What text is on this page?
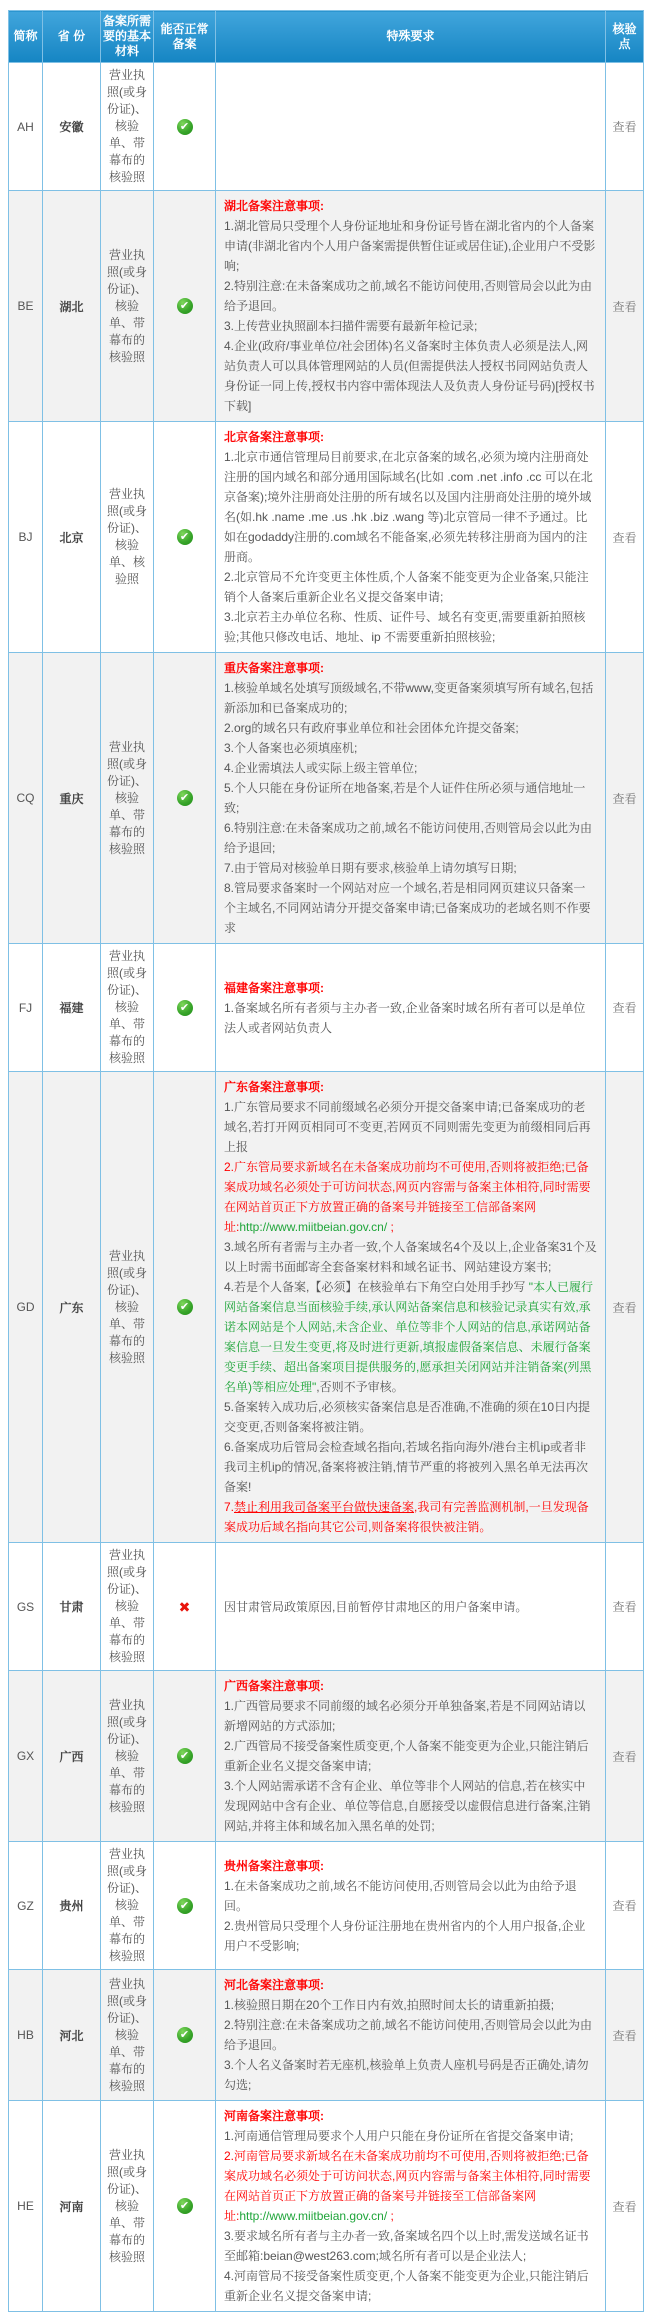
简称	省 份	备案所需要的基本材料	能否正常备案	特殊要求	核验点
AH	安徽	营业执照(或身份证)、核验单、带幕布的核验照	✔		查看
BE	湖北	营业执照(或身份证)、核验单、带幕布的核验照	✔	湖北备案注意事项:
1.湖北管局只受理个人身份证地址和身份证号皆在湖北省内的个人备案申请(非湖北省内个人用户备案需提供暂住证或居住证),企业用户不受影响;
2.特别注意:在未备案成功之前,域名不能访问使用,否则管局会以此为由给予退回。
3.上传营业执照副本扫描件需要有最新年检记录;
4.企业(政府/事业单位/社会团体)名义备案时主体负责人必须是法人,网站负责人可以具体管理网站的人员(但需提供法人授权书同网站负责人身份证一同上传,授权书内容中需体现法人及负责人身份证号码)[授权书下载]	查看
BJ	北京	营业执照(或身份证)、核验单、核验照	✔	北京备案注意事项:
1.北京市通信管理局目前要求,在北京备案的域名,必须为境内注册商处注册的国内域名和部分通用国际域名(比如 .com .net .info .cc 可以在北京备案);境外注册商处注册的所有域名以及国内注册商处注册的境外域名(如.hk .name .me .us .hk .biz .wang 等)北京管局一律不予通过。比如在godaddy注册的.com域名不能备案,必须先转移注册商为国内的注册商。
2.北京管局不允许变更主体性质,个人备案不能变更为企业备案,只能注销个人备案后重新企业名义提交备案申请;
3.北京若主办单位名称、性质、证件号、域名有变更,需要重新拍照核验;其他只修改电话、地址、ip 不需要重新拍照核验;	查看
CQ	重庆	营业执照(或身份证)、核验单、带幕布的核验照	✔	
重庆备案注意事项:
1.核验单域名处填写顶级域名,不带www,变更备案须填写所有域名,包括新添加和已备案成功的;
2.org的域名只有政府事业单位和社会团体允许提交备案;
3.个人备案也必须填座机;
4.企业需填法人或实际上级主管单位;
5.个人只能在身份证所在地备案,若是个人证件住所必须与通信地址一致;
6.特别注意:在未备案成功之前,域名不能访问使用,否则管局会以此为由给予退回;
7.由于管局对核验单日期有要求,核验单上请勿填写日期;
8.管局要求备案时一个网站对应一个域名,若是相同网页建议只备案一个主域名,不同网站请分开提交备案申请;已备案成功的老域名则不作要求
	查看
FJ	福建	营业执照(或身份证)、核验单、带幕布的核验照	✔	福建备案注意事项:
1.备案域名所有者须与主办者一致,企业备案时域名所有者可以是单位法人或者网站负责人	查看
GD	广东	营业执照(或身份证)、核验单、带幕布的核验照	✔	
广东备案注意事项:
1.广东管局要求不同前缀域名必须分开提交备案申请;已备案成功的老域名,若打开网页相同可不变更,若网页不同则需先变更为前缀相同后再上报
2.广东管局要求新域名在未备案成功前均不可使用,否则将被拒绝;已备案成功域名必须处于可访问状态,网页内容需与备案主体相符,同时需要在网站首页正下方放置正确的备案号并链接至工信部备案网址:http://www.miitbeian.gov.cn/ ;
3.域名所有者需与主办者一致,个人备案域名4个及以上,企业备案31个及以上时需书面邮寄全套备案材料和域名证书、网站建设方案书;
4.若是个人备案,【必须】在核验单右下角空白处用手抄写 "本人已履行网站备案信息当面核验手续,承认网站备案信息和核验记录真实有效,承诺本网站是个人网站,未含企业、单位等非个人网站的信息,承诺网站备案信息一旦发生变更,将及时进行更新,填报虚假备案信息、未履行备案变更手续、超出备案项目提供服务的,愿承担关闭网站并注销备案(列黑名单)等相应处理",否则不予审核。
5.备案转入成功后,必须核实备案信息是否准确,不准确的须在10日内提交变更,否则备案将被注销。
6.备案成功后管局会检查域名指向,若域名指向海外/港台主机ip或者非我司主机ip的情况,备案将被注销,情节严重的将被列入黑名单无法再次备案!
7.禁止利用我司备案平台做快速备案,我司有完善监测机制,一旦发现备案成功后域名指向其它公司,则备案将很快被注销。
	查看
GS	甘肃	营业执照(或身份证)、核验单、带幕布的核验照	✖	因甘肃管局政策原因,目前暂停甘肃地区的用户备案申请。	查看
GX	广西	营业执照(或身份证)、核验单、带幕布的核验照	✔	广西备案注意事项:
1.广西管局要求不同前缀的域名必须分开单独备案,若是不同网站请以新增网站的方式添加;
2.广西管局不接受备案性质变更,个人备案不能变更为企业,只能注销后重新企业名义提交备案申请;
3.个人网站需承诺不含有企业、单位等非个人网站的信息,若在核实中发现网站中含有企业、单位等信息,自愿接受以虚假信息进行备案,注销网站,并将主体和域名加入黑名单的处罚;	查看
GZ	贵州	营业执照(或身份证)、核验单、带幕布的核验照	✔	贵州备案注意事项:
1.在未备案成功之前,域名不能访问使用,否则管局会以此为由给予退回。
2.贵州管局只受理个人身份证注册地在贵州省内的个人用户报备,企业用户不受影响;	查看
HB	河北	营业执照(或身份证)、核验单、带幕布的核验照	✔	河北备案注意事项:
1.核验照日期在20个工作日内有效,拍照时间太长的请重新拍摄;
2.特别注意:在未备案成功之前,域名不能访问使用,否则管局会以此为由给予退回。
3.个人名义备案时若无座机,核验单上负责人座机号码是否正确处,请勿勾选;	查看
HE	河南	营业执照(或身份证)、核验单、带幕布的核验照	✔	河南备案注意事项:
1.河南通信管理局要求个人用户只能在身份证所在省提交备案申请;
2.河南管局要求新域名在未备案成功前均不可使用,否则将被拒绝;已备案成功域名必须处于可访问状态,网页内容需与备案主体相符,同时需要在网站首页正下方放置正确的备案号并链接至工信部备案网址:http://www.miitbeian.gov.cn/ ;
3.要求域名所有者与主办者一致,备案域名四个以上时,需发送域名证书至邮箱:beian@west263.com;域名所有者可以是企业法人;
4.河南管局不接受备案性质变更,个人备案不能变更为企业,只能注销后重新企业名义提交备案申请;	查看
